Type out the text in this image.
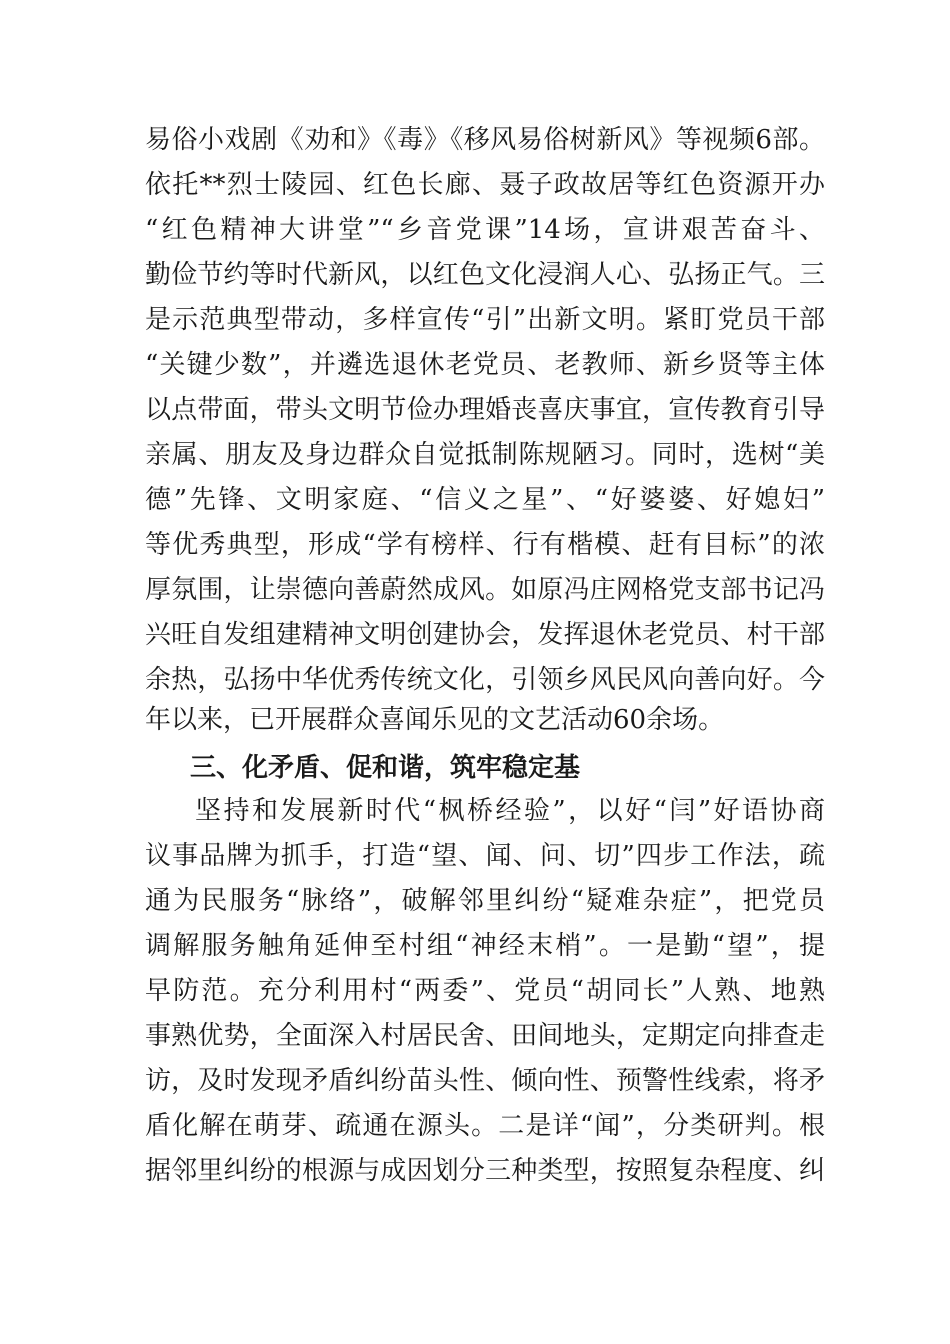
易俗小戏剧《劝和》《毒》《移风易俗树新风》等视频6部。
依托**烈士陵园、红色长廊、聂子政故居等红色资源开办
“红色精神大讲堂”“乡音党课”14场，宣讲艰苦奋斗、
勤俭节约等时代新风，以红色文化浸润人心、弘扬正气。三
是示范典型带动，多样宣传“引”出新文明。紧盯党员干部
“关键少数”，并遴选退休老党员、老教师、新乡贤等主体
以点带面，带头文明节俭办理婚丧喜庆事宜，宣传教育引导
亲属、朋友及身边群众自觉抵制陈规陋习。同时，选树“美
德”先锋、文明家庭、“信义之星”、“好婆婆、好媳妇”
等优秀典型，形成“学有榜样、行有楷模、赶有目标”的浓
厚氛围，让崇德向善蔚然成风。如原冯庄网格党支部书记冯
兴旺自发组建精神文明创建协会，发挥退休老党员、村干部
余热，弘扬中华优秀传统文化，引领乡风民风向善向好。今
年以来，已开展群众喜闻乐见的文艺活动60余场。
三、化矛盾、促和谐，筑牢稳定基
坚持和发展新时代“枫桥经验”，以好“闫”好语协商
议事品牌为抓手，打造“望、闻、问、切”四步工作法，疏
通为民服务“脉络”，破解邻里纠纷“疑难杂症”，把党员
调解服务触角延伸至村组“神经末梢”。一是勤“望”，提
早防范。充分利用村“两委”、党员“胡同长”人熟、地熟
事熟优势，全面深入村居民舍、田间地头，定期定向排查走
访，及时发现矛盾纠纷苗头性、倾向性、预警性线索，将矛
盾化解在萌芽、疏通在源头。二是详“闻”，分类研判。根
据邻里纠纷的根源与成因划分三种类型，按照复杂程度、纠
